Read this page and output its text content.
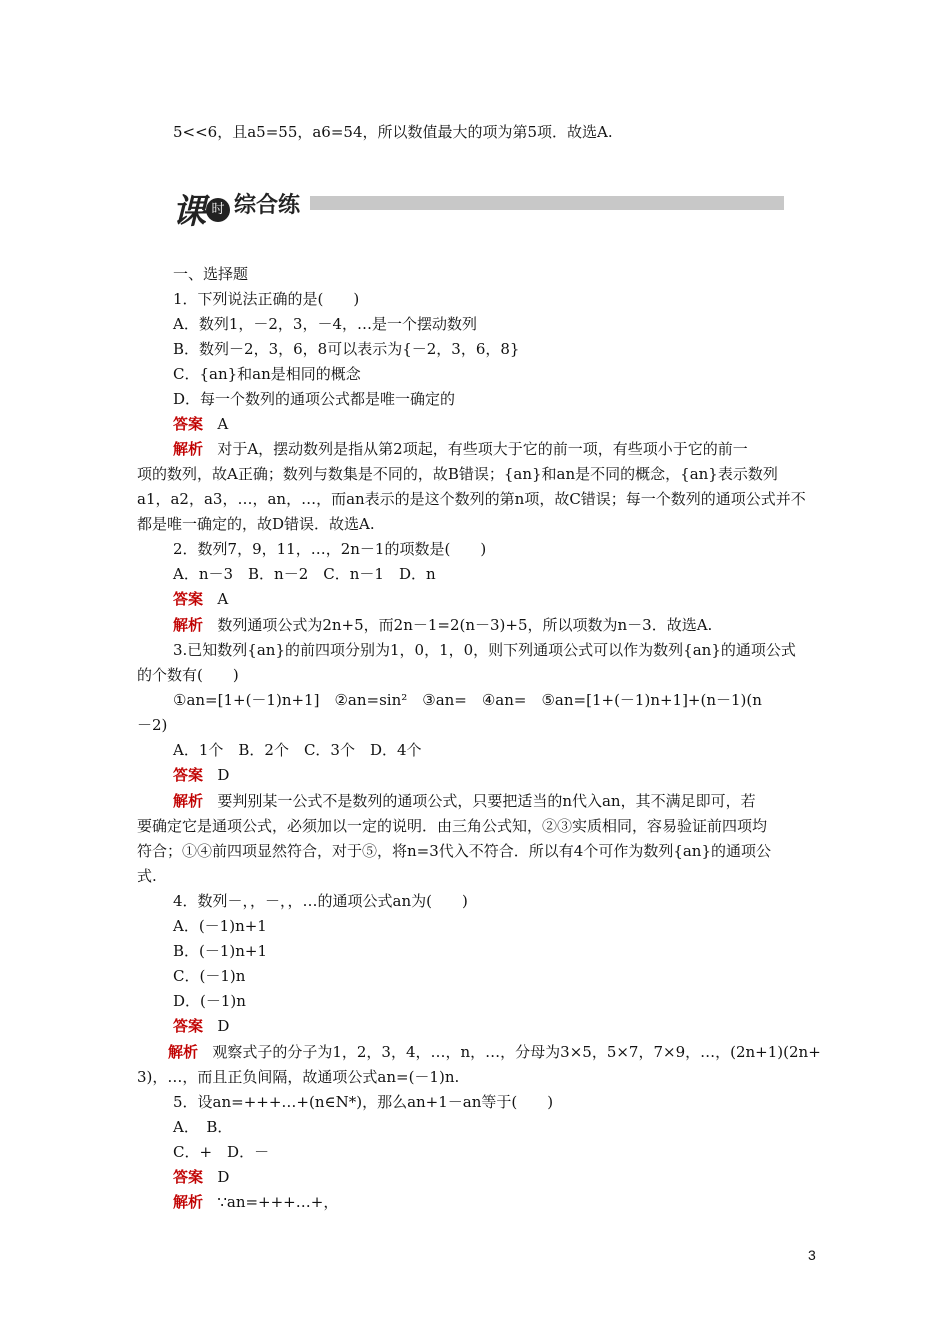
5<<6，且a5=55，a6=54，所以数值最大的项为第5项．故选A.
课 时 综合练
一、选择题
1．下列说法正确的是(　　)
A．数列1，－2，3，－4，…是一个摆动数列
B．数列－2，3，6，8可以表示为{－2，3，6，8}
C．{an}和an是相同的概念
D．每一个数列的通项公式都是唯一确定的
答案 A
解析 对于A，摆动数列是指从第2项起，有些项大于它的前一项，有些项小于它的前一
项的数列，故A正确；数列与数集是不同的，故B错误；{an}和an是不同的概念，{an}表示数列
a1，a2，a3，…，an，…，而an表示的是这个数列的第n项，故C错误；每一个数列的通项公式并不
都是唯一确定的，故D错误．故选A.
2．数列7，9，11，…，2n－1的项数是(　　)
A．n－3　B．n－2　C．n－1　D．n
答案 A
解析 数列通项公式为2n+5，而2n－1=2(n－3)+5，所以项数为n－3．故选A.
3.已知数列{an}的前四项分别为1，0，1，0，则下列通项公式可以作为数列{an}的通项公式
的个数有(　　)
①an=[1+(－1)n+1]　②an=sin²　③an=　④an=　⑤an=[1+(－1)n+1]+(n－1)(n
－2)
A．1个　B．2个　C．3个　D．4个
答案 D
解析 要判别某一公式不是数列的通项公式，只要把适当的n代入an，其不满足即可，若
要确定它是通项公式，必须加以一定的说明．由三角公式知，②③实质相同，容易验证前四项均
符合；①④前四项显然符合，对于⑤，将n=3代入不符合．所以有4个可作为数列{an}的通项公
式.
4．数列－，，－，，…的通项公式an为(　　)
A．(－1)n+1
B．(－1)n+1
C．(－1)n
D．(－1)n
答案 D
解析 观察式子的分子为1，2，3，4，…，n，…，分母为3×5，5×7，7×9，…，(2n+1)(2n+
3)，…，而且正负间隔，故通项公式an=(－1)n.
5．设an=+++…+(n∈N*)，那么an+1－an等于(　　)
A．　B．
C．+　D．－
答案 D
解析 ∵an=+++…+，
3
